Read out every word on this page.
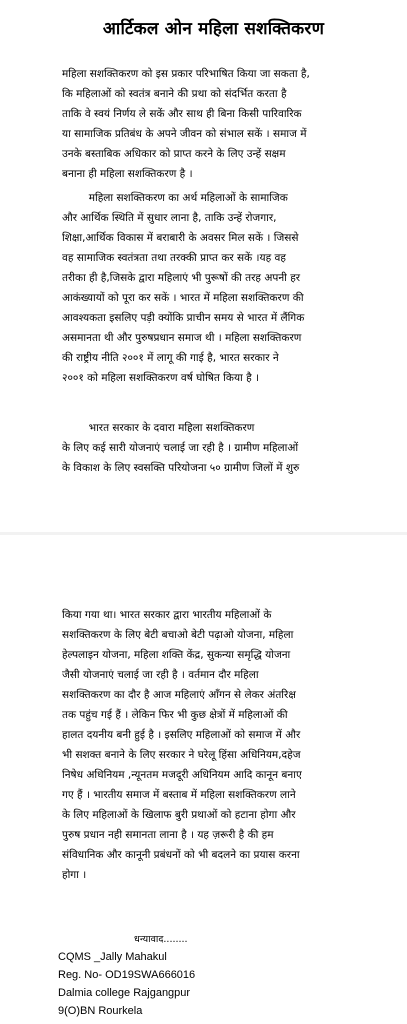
आर्टिकल ओन महिला सशक्तिकरण
महिला सशक्तिकरण को इस प्रकार परिभाषित किया जा सकता है,
कि महिलाओं को स्वतंत्र बनाने की प्रथा को संदर्भित करता है
ताकि वे स्वयं निर्णय ले सकें और साथ ही बिना किसी पारिवारिक
या सामाजिक प्रतिबंध के अपने जीवन को संभाल सकें । समाज में
उनके बस्ताबिक अधिकार को प्राप्त करने के लिए उन्हें सक्षम
बनाना ही महिला सशक्तिकरण है ।
महिला सशक्तिकरण का अर्थ महिलाओं के सामाजिक
और आर्थिक स्थिति में सुधार लाना है, ताकि उन्हें रोजगार,
शिक्षा,आर्थिक विकास में बराबारी के अवसर मिल सकें । जिससे
वह सामाजिक स्वतंत्रता तथा तरक्की प्राप्त कर सकें ।यह वह
तरीका ही है,जिसके द्वारा महिलाएं भी पुरूषों की तरह अपनी हर
आकंख्यायों को पूरा कर सकें । भारत में महिला सशक्तिकरण की
आवश्यकता इसलिए पड़ी क्योंकि प्राचीन समय से भारत में लैंगिक
असमानता थी और पुरुषप्रधान समाज थी । महिला सशक्तिकरण
की राष्ट्रीय नीति २००१ में लागू की गाई है, भारत सरकार ने
२००१ को महिला सशक्तिकरण वर्ष घोषित किया है ।
भारत सरकार के दवारा महिला सशक्तिकरण
के लिए कई सारी योजनाएं चलाई जा रही है । ग्रामीण महिलाओं
के विकाश के लिए स्वसक्ति परियोजना ५० ग्रामीण जिलों में शुरु
किया गया था। भारत सरकार द्वारा भारतीय महिलाओं के
सशक्तिकरण के लिए बेटी बचाओ बेटी पढ़ाओ योजना, महिला
हेल्पलाइन योजना, महिला शक्ति केंद्र, सुकन्या समृद्धि योजना
जैसी योजनाएं चलाई जा रही है । वर्तमान दौर महिला
सशक्तिकरण का दौर है आज महिलाएं आँगन से लेकर अंतरिक्ष
तक पहुंच गई हैं । लेकिन फिर भी कुछ क्षेत्रों में महिलाओं की
हालत दयनीय बनी हुई है । इसलिए महिलाओं को समाज में और
भी सशक्त बनाने के लिए सरकार ने घरेलू हिंसा अधिनियम,दहेज
निषेध अधिनियम ,न्यूनतम मजदूरी अधिनियम आदि कानून बनाए
गए हैं । भारतीय समाज में बस्ताब में महिला सशक्तिकरण लाने
के लिए महिलाओं के खिलाफ बुरी प्रथाओं को हटाना होगा और
पुरुष प्रधान नही समानता लाना है । यह ज़रूरी है की हम
संविधानिक और कानूनी प्रबंधनों को भी बदलने का प्रयास करना
होगा ।
धन्यावाद........
CQMS _Jally Mahakul
Reg. No- OD19SWA666016
Dalmia college Rajgangpur
9(O)BN Rourkela
